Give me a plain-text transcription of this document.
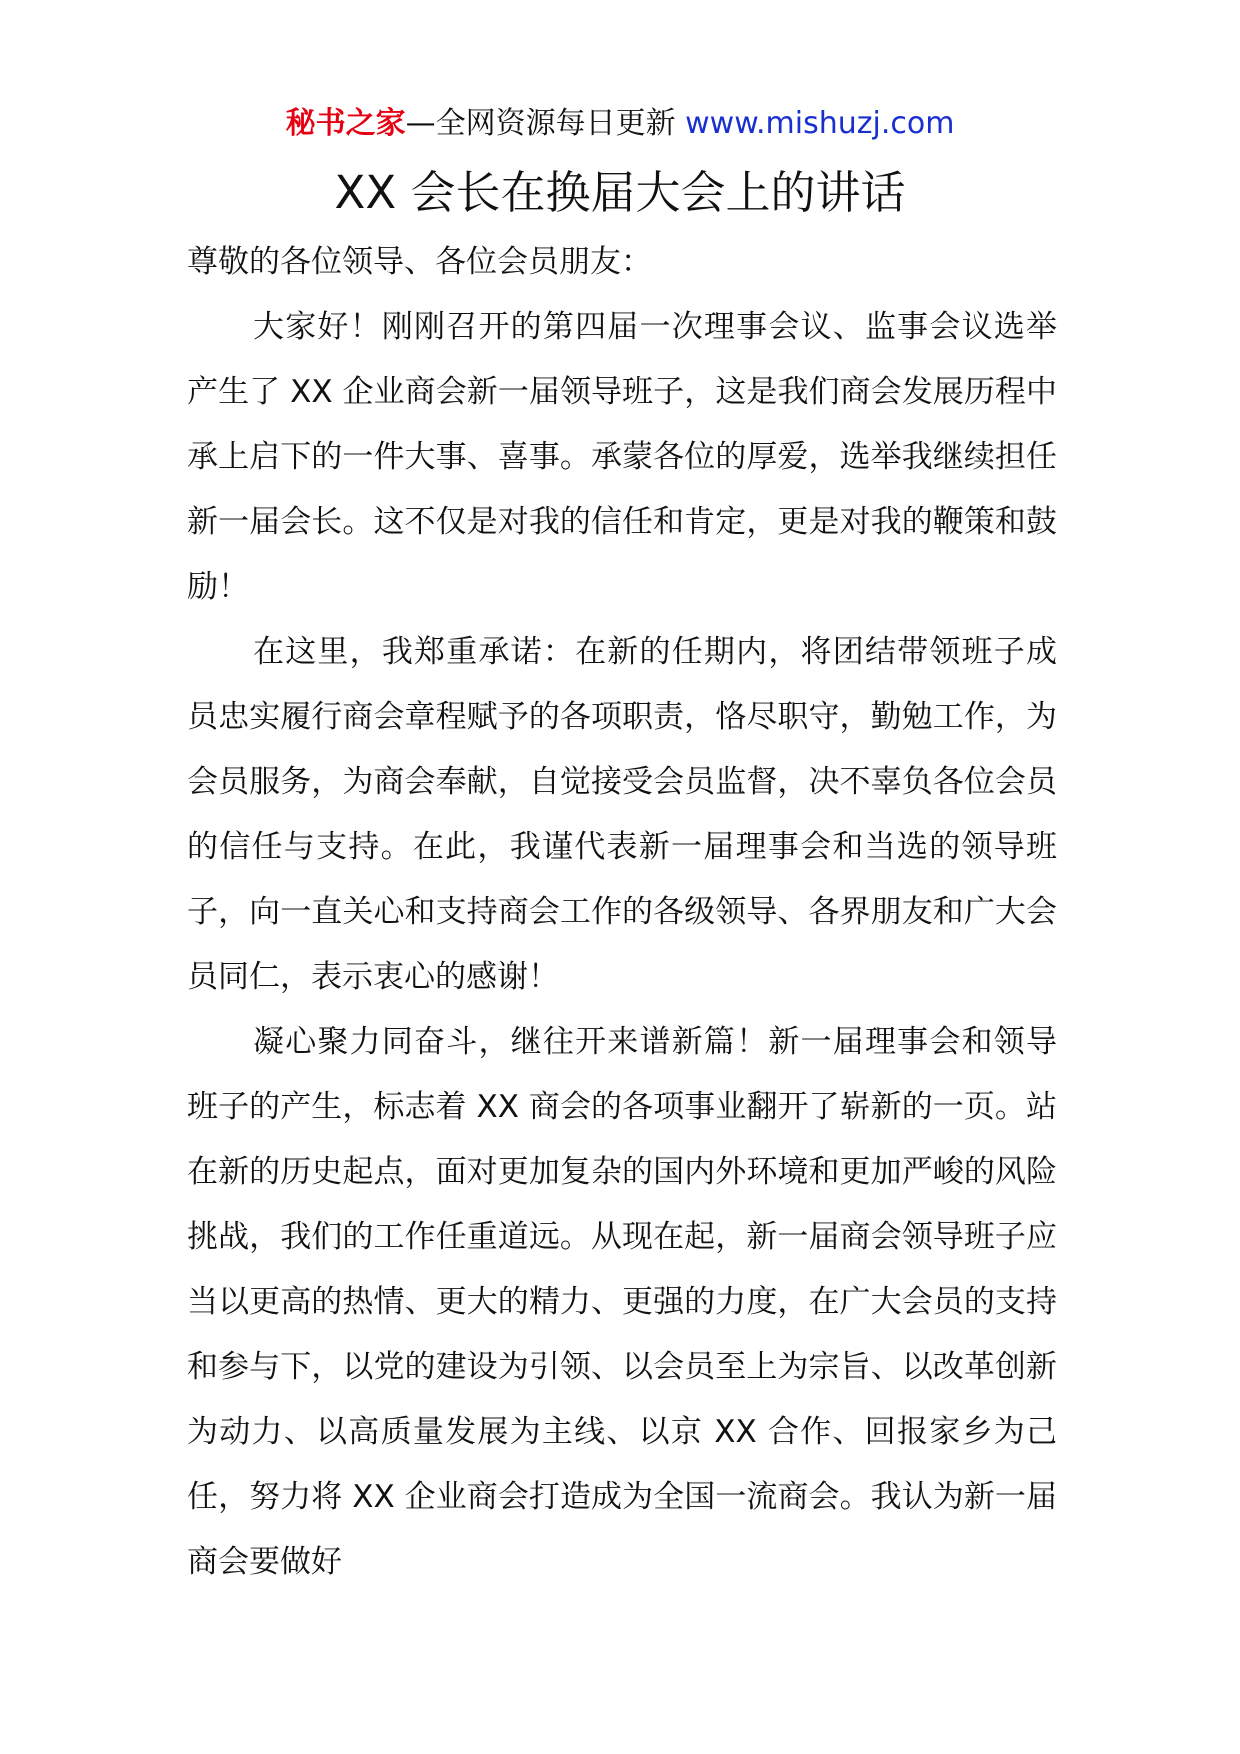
秘书之家—全网资源每日更新 www.mishuzj.com
XX 会长在换届大会上的讲话

尊敬的各位领导、各位会员朋友：

大家好！刚刚召开的第四届一次理事会议、监事会议选举产生了 XX 企业商会新一届领导班子，这是我们商会发展历程中承上启下的一件大事、喜事。承蒙各位的厚爱，选举我继续担任新一届会长。这不仅是对我的信任和肯定，更是对我的鞭策和鼓励！

在这里，我郑重承诺：在新的任期内，将团结带领班子成员忠实履行商会章程赋予的各项职责，恪尽职守，勤勉工作，为会员服务，为商会奉献，自觉接受会员监督，决不辜负各位会员的信任与支持。在此，我谨代表新一届理事会和当选的领导班子，向一直关心和支持商会工作的各级领导、各界朋友和广大会员同仁，表示衷心的感谢！

凝心聚力同奋斗，继往开来谱新篇！新一届理事会和领导班子的产生，标志着 XX 商会的各项事业翻开了崭新的一页。站在新的历史起点，面对更加复杂的国内外环境和更加严峻的风险挑战，我们的工作任重道远。从现在起，新一届商会领导班子应当以更高的热情、更大的精力、更强的力度，在广大会员的支持和参与下，以党的建设为引领、以会员至上为宗旨、以改革创新为动力、以高质量发展为主线、以京 XX 合作、回报家乡为己任，努力将 XX 企业商会打造成为全国一流商会。我认为新一届商会要做好
